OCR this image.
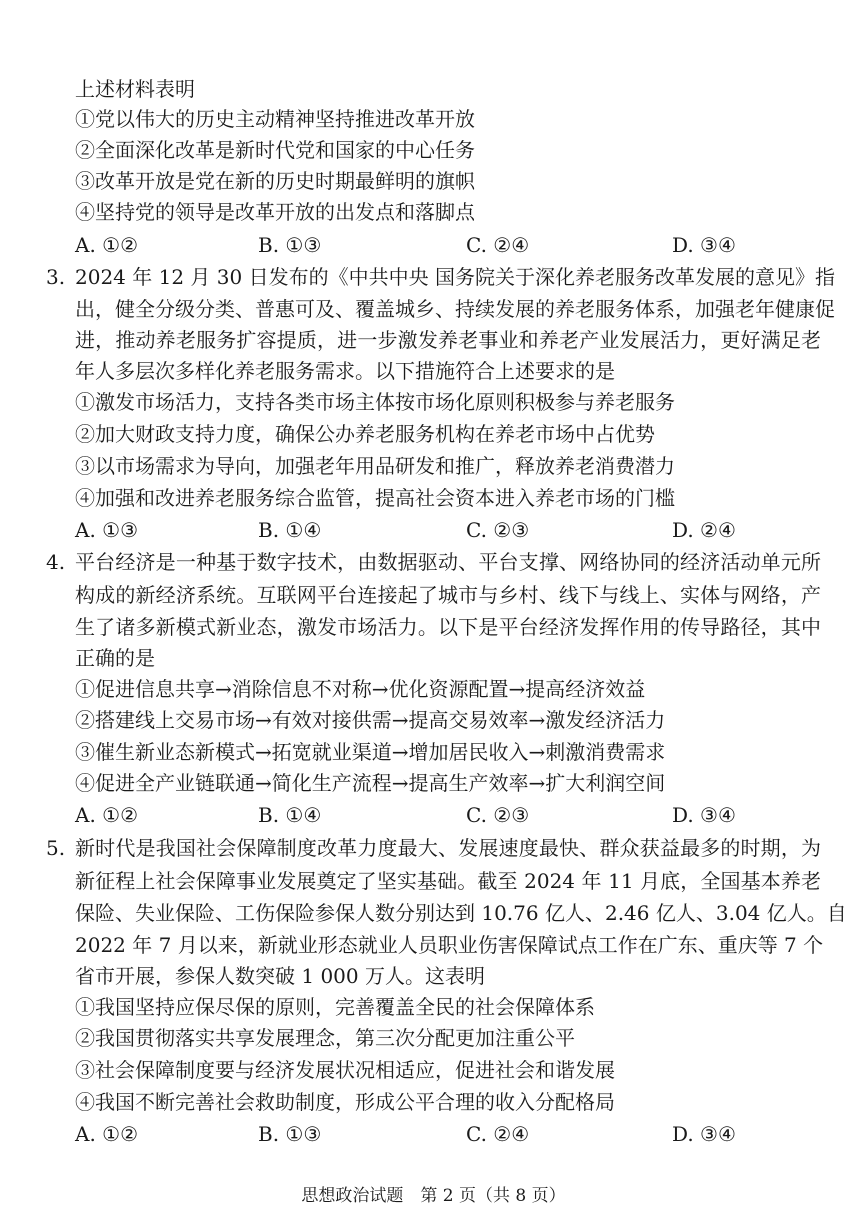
上述材料表明
①党以伟大的历史主动精神坚持推进改革开放
②全面深化改革是新时代党和国家的中心任务
③改革开放是党在新的历史时期最鲜明的旗帜
④坚持党的领导是改革开放的出发点和落脚点
A. ①②	B. ①③	C. ②④	D. ③④
3. 2024 年 12 月 30 日发布的《中共中央 国务院关于深化养老服务改革发展的意见》指
出，健全分级分类、普惠可及、覆盖城乡、持续发展的养老服务体系，加强老年健康促
进，推动养老服务扩容提质，进一步激发养老事业和养老产业发展活力，更好满足老
年人多层次多样化养老服务需求。以下措施符合上述要求的是
①激发市场活力，支持各类市场主体按市场化原则积极参与养老服务
②加大财政支持力度，确保公办养老服务机构在养老市场中占优势
③以市场需求为导向，加强老年用品研发和推广，释放养老消费潜力
④加强和改进养老服务综合监管，提高社会资本进入养老市场的门槛
A. ①③	B. ①④	C. ②③	D. ②④
4. 平台经济是一种基于数字技术，由数据驱动、平台支撑、网络协同的经济活动单元所
构成的新经济系统。互联网平台连接起了城市与乡村、线下与线上、实体与网络，产
生了诸多新模式新业态，激发市场活力。以下是平台经济发挥作用的传导路径，其中
正确的是
①促进信息共享→消除信息不对称→优化资源配置→提高经济效益
②搭建线上交易市场→有效对接供需→提高交易效率→激发经济活力
③催生新业态新模式→拓宽就业渠道→增加居民收入→刺激消费需求
④促进全产业链联通→简化生产流程→提高生产效率→扩大利润空间
A. ①②	B. ①④	C. ②③	D. ③④
5. 新时代是我国社会保障制度改革力度最大、发展速度最快、群众获益最多的时期，为
新征程上社会保障事业发展奠定了坚实基础。截至 2024 年 11 月底，全国基本养老
保险、失业保险、工伤保险参保人数分别达到 10.76 亿人、2.46 亿人、3.04 亿人。自
2022 年 7 月以来，新就业形态就业人员职业伤害保障试点工作在广东、重庆等 7 个
省市开展，参保人数突破 1 000 万人。这表明
①我国坚持应保尽保的原则，完善覆盖全民的社会保障体系
②我国贯彻落实共享发展理念，第三次分配更加注重公平
③社会保障制度要与经济发展状况相适应，促进社会和谐发展
④我国不断完善社会救助制度，形成公平合理的收入分配格局
A. ①②	B. ①③	C. ②④	D. ③④
思想政治试题　第 2 页（共 8 页）
